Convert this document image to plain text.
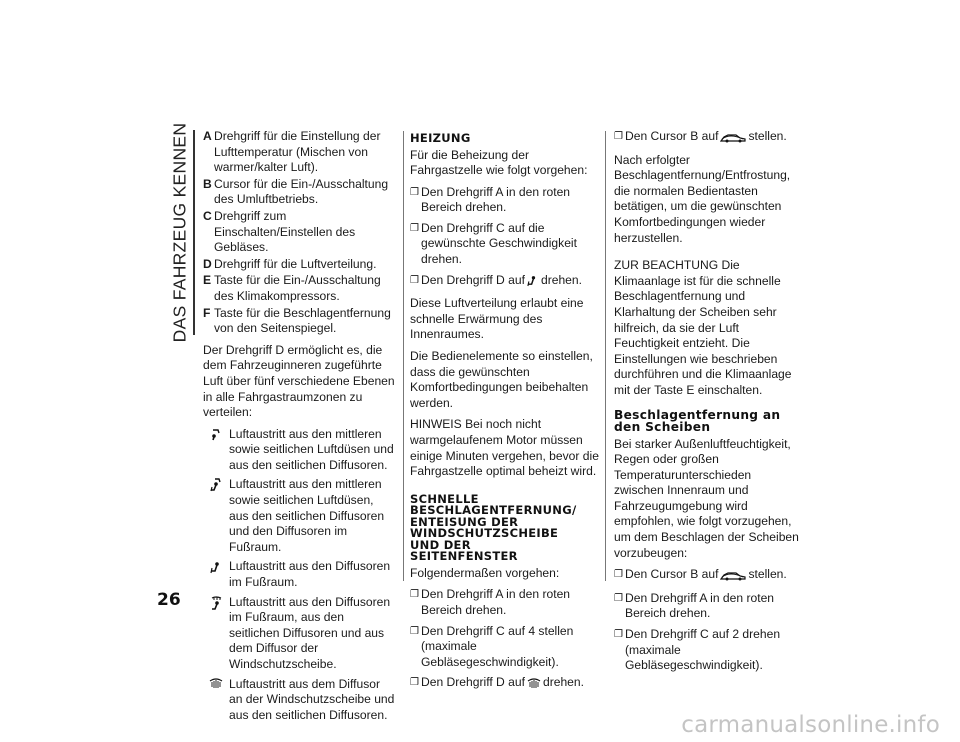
DAS FAHRZEUG KENNEN
26
A Drehgriff für die Einstellung der Lufttemperatur (Mischen von warmer/kalter Luft).
B Cursor für die Ein-/Ausschaltung des Umluftbetriebs.
C Drehgriff zum Einschalten/Einstellen des Gebläses.
D Drehgriff für die Luftverteilung.
E Taste für die Ein-/Ausschaltung des Klimakompressors.
F Taste für die Beschlagentfernung von den Seitenspiegel.

Der Drehgriff D ermöglicht es, die dem Fahrzeuginneren zugeführte Luft über fünf verschiedene Ebenen in alle Fahrgastraumzonen zu verteilen:

Luftaustritt aus den mittleren sowie seitlichen Luftdüsen und aus den seitlichen Diffusoren.
Luftaustritt aus den mittleren sowie seitlichen Luftdüsen, aus den seitlichen Diffusoren und den Diffusoren im Fußraum.
Luftaustritt aus den Diffusoren im Fußraum.
Luftaustritt aus den Diffusoren im Fußraum, aus den seitlichen Diffusoren und aus dem Diffusor der Windschutzscheibe.
Luftaustritt aus dem Diffusor an der Windschutzscheibe und aus den seitlichen Diffusoren.
HEIZUNG

Für die Beheizung der Fahrgastzelle wie folgt vorgehen:

❐ Den Drehgriff A in den roten Bereich drehen.
❐ Den Drehgriff C auf die gewünschte Geschwindigkeit drehen.
❐ Den Drehgriff D auf drehen.

Diese Luftverteilung erlaubt eine schnelle Erwärmung des Innenraumes.

Die Bedienelemente so einstellen, dass die gewünschten Komfortbedingungen beibehalten werden.

HINWEIS Bei noch nicht warmgelaufenem Motor müssen einige Minuten vergehen, bevor die Fahrgastzelle optimal beheizt wird.

SCHNELLE
BESCHLAGENTFERNUNG/
ENTEISUNG DER
WINDSCHUTZSCHEIBE
UND DER
SEITENFENSTER

Folgendermaßen vorgehen:

❐ Den Drehgriff A in den roten Bereich drehen.
❐ Den Drehgriff C auf 4 stellen (maximale Gebläsegeschwindigkeit).
❐ Den Drehgriff D auf drehen.
❐ Den Cursor B auf stellen.

Nach erfolgter Beschlagentfernung/Entfrostung, die normalen Bedientasten betätigen, um die gewünschten Komfortbedingungen wieder herzustellen.

ZUR BEACHTUNG Die Klimaanlage ist für die schnelle Beschlagentfernung und Klarhaltung der Scheiben sehr hilfreich, da sie der Luft Feuchtigkeit entzieht. Die Einstellungen wie beschrieben durchführen und die Klimaanlage mit der Taste E einschalten.

Beschlagentfernung an
den Scheiben

Bei starker Außenluftfeuchtigkeit, Regen oder großen Temperaturunterschieden zwischen Innenraum und Fahrzeugumgebung wird empfohlen, wie folgt vorzugehen, um dem Beschlagen der Scheiben vorzubeugen:

❐ Den Cursor B auf stellen.
❐ Den Drehgriff A in den roten Bereich drehen.
❐ Den Drehgriff C auf 2 drehen (maximale Gebläsegeschwindigkeit).
carmanualsonline.info
